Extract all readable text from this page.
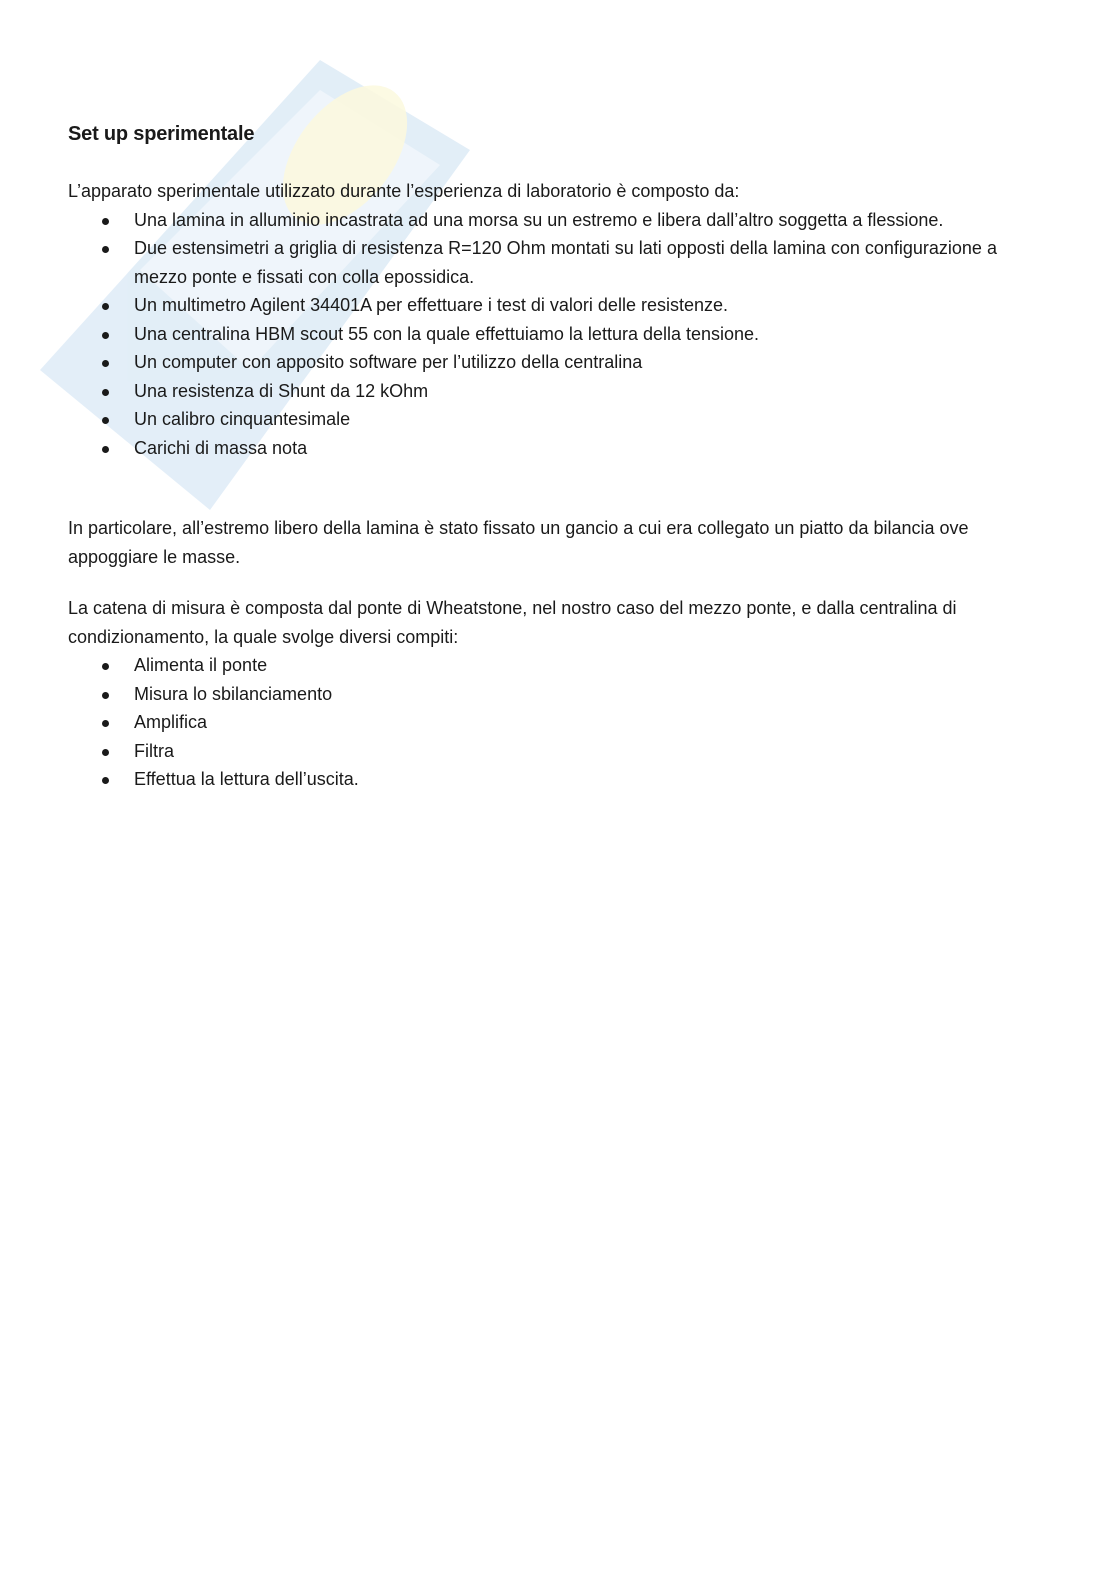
Set up sperimentale

L’apparato sperimentale utilizzato durante l’esperienza di laboratorio è composto da:

Una lamina in alluminio incastrata ad una morsa su un estremo e libera dall’altro soggetta a flessione.
Due estensimetri a griglia di resistenza R=120 Ohm montati su lati opposti della lamina con configurazione a mezzo ponte e fissati con colla epossidica.
Un multimetro Agilent 34401A per effettuare i test di valori delle resistenze.
Una centralina HBM scout 55 con la quale effettuiamo la lettura della tensione.
Un computer con apposito software per l’utilizzo della centralina
Una resistenza di Shunt da 12 kOhm
Un calibro cinquantesimale
Carichi di massa nota

In particolare, all’estremo libero della lamina è stato fissato un gancio a cui era collegato un piatto da bilancia ove appoggiare le masse.

La catena di misura è composta dal ponte di Wheatstone, nel nostro caso del mezzo ponte, e dalla centralina di condizionamento, la quale svolge diversi compiti:

Alimenta il ponte
Misura lo sbilanciamento
Amplifica
Filtra
Effettua la lettura dell’uscita.
